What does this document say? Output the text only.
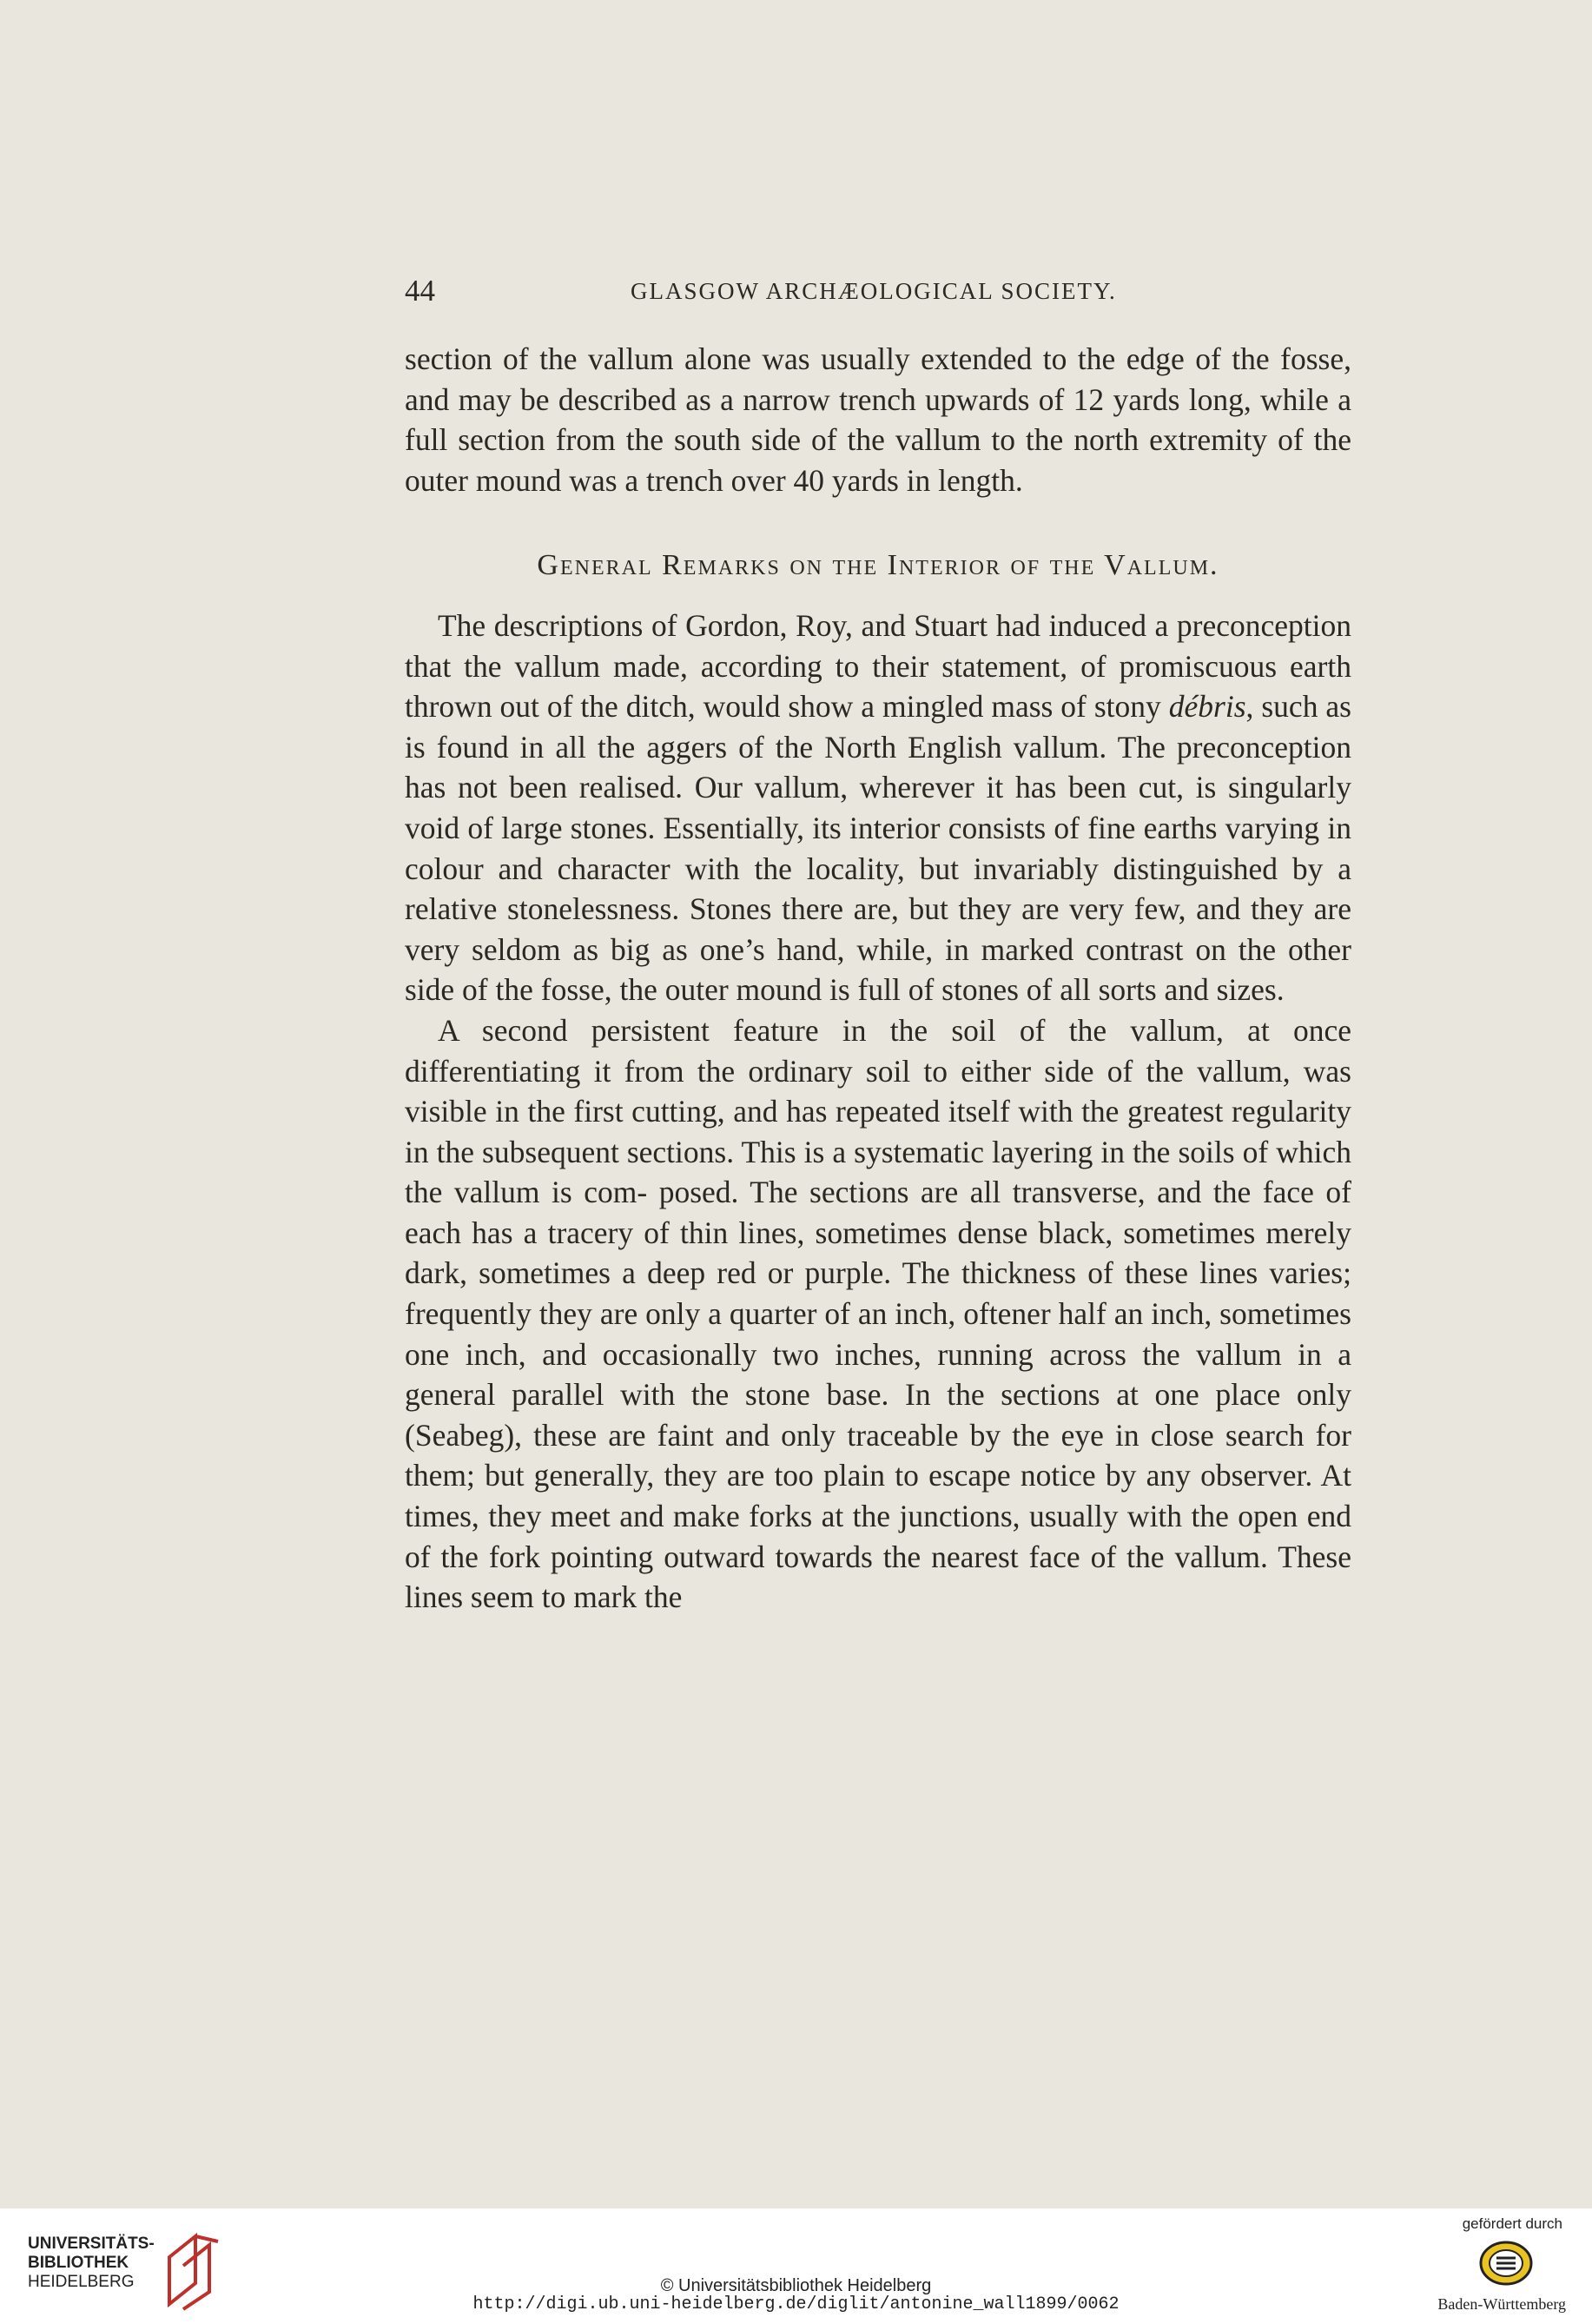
44	GLASGOW ARCHÆOLOGICAL SOCIETY.

section of the vallum alone was usually extended to the edge of the fosse, and may be described as a narrow trench upwards of 12 yards long, while a full section from the south side of the vallum to the north extremity of the outer mound was a trench over 40 yards in length.

General Remarks on the Interior of the Vallum.

The descriptions of Gordon, Roy, and Stuart had induced a preconception that the vallum made, according to their statement, of promiscuous earth thrown out of the ditch, would show a mingled mass of stony débris, such as is found in all the aggers of the North English vallum. The preconception has not been realised. Our vallum, wherever it has been cut, is singularly void of large stones. Essentially, its interior consists of fine earths varying in colour and character with the locality, but invariably distinguished by a relative stonelessness. Stones there are, but they are very few, and they are very seldom as big as one’s hand, while, in marked contrast on the other side of the fosse, the outer mound is full of stones of all sorts and sizes.

A second persistent feature in the soil of the vallum, at once differentiating it from the ordinary soil to either side of the vallum, was visible in the first cutting, and has repeated itself with the greatest regularity in the subsequent sections. This is a systematic layering in the soils of which the vallum is com- posed. The sections are all transverse, and the face of each has a tracery of thin lines, sometimes dense black, sometimes merely dark, sometimes a deep red or purple. The thickness of these lines varies; frequently they are only a quarter of an inch, oftener half an inch, sometimes one inch, and occasionally two inches, running across the vallum in a general parallel with the stone base. In the sections at one place only (Seabeg), these are faint and only traceable by the eye in close search for them; but generally, they are too plain to escape notice by any observer. At times, they meet and make forks at the junctions, usually with the open end of the fork pointing outward towards the nearest face of the vallum. These lines seem to mark the

UNIVERSITÄTS-
BIBLIOTHEK
HEIDELBERG	© Universitätsbibliothek Heidelberg
http://digi.ub.uni-heidelberg.de/diglit/antonine_wall1899/0062
gefördert durch
Baden-Württemberg
